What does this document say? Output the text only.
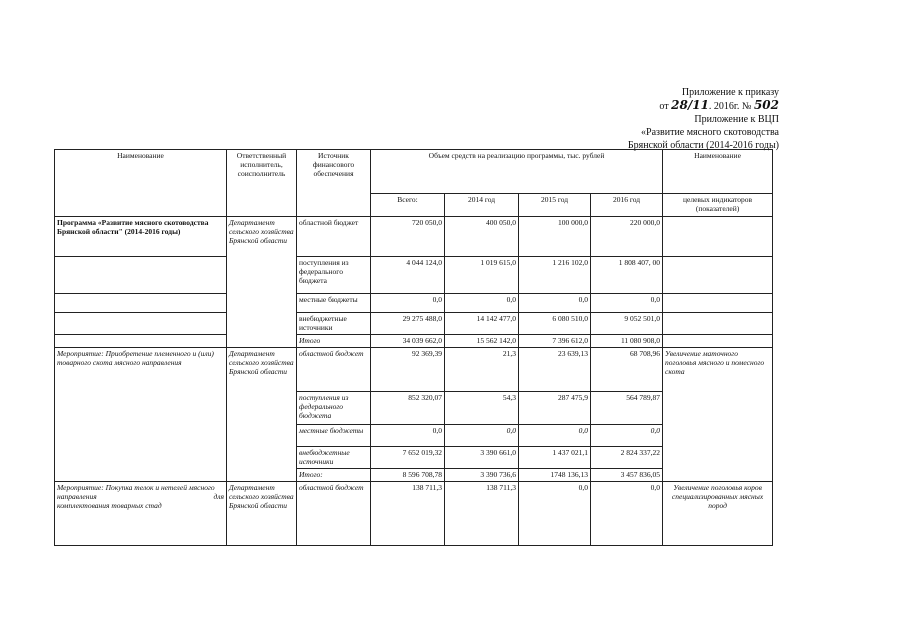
Приложение к приказу
от 28/11. 2016г. № 502
Приложение к ВЦП
«Развитие мясного скотоводства
Брянской области (2014-2016 годы)
Наименование	Ответственный исполнитель, соисполнитель	Источник финансового обеспечения	Объем средств на реализацию программы, тыс. рублей				Наименование
			Всего:	2014 год	2015 год	2016 год	целевых индикаторов (показателей)
Программа «Развитие мясного скотоводства Брянской области" (2014-2016 годы)	Департамент сельского хозяйства Брянской области	областной бюджет	720 050,0	400 050,0	100 000,0	220 000,0	
		поступления из федерального бюджета	4 044 124,0	1 019 615,0	1 216 102,0	1 808 407, 00	
		местные бюджеты	0,0	0,0	0,0	0,0	
		внебюджетные источники	29 275 488,0	14 142 477,0	6 080 510,0	9 052 501,0	
		Итого	34 039 662,0	15 562 142,0	7 396 612,0	11 080 908,0	
Мероприятие: Приобретение племенного и (или) товарного скота мясного направления	Департамент сельского хозяйства Брянской области	областной бюджет	92 369,39	21,3	23 639,13	68 708,96	Увеличение маточного поголовья мясного и помесного скота
		поступления из федерального бюджета	852 320,07	54,3	287 475,9	564 789,87	
		местные бюджеты	0,0	0,0	0,0	0,0	
		внебюджетные источники	7 652 019,32	3 390 661,0	1 437 021,1	2 824 337,22	
		Итого:	8 596 708,78	3 390 736,6	1748 136,13	3 457 836,05	
Мероприятие: Покупка телок и нетелей мясного направления для

комплектования товарных стад	Департамент сельского хозяйства Брянской области	областной бюджет	138 711,3	138 711,3	0,0	0,0	Увеличение поголовья коров специализированных мясных пород
